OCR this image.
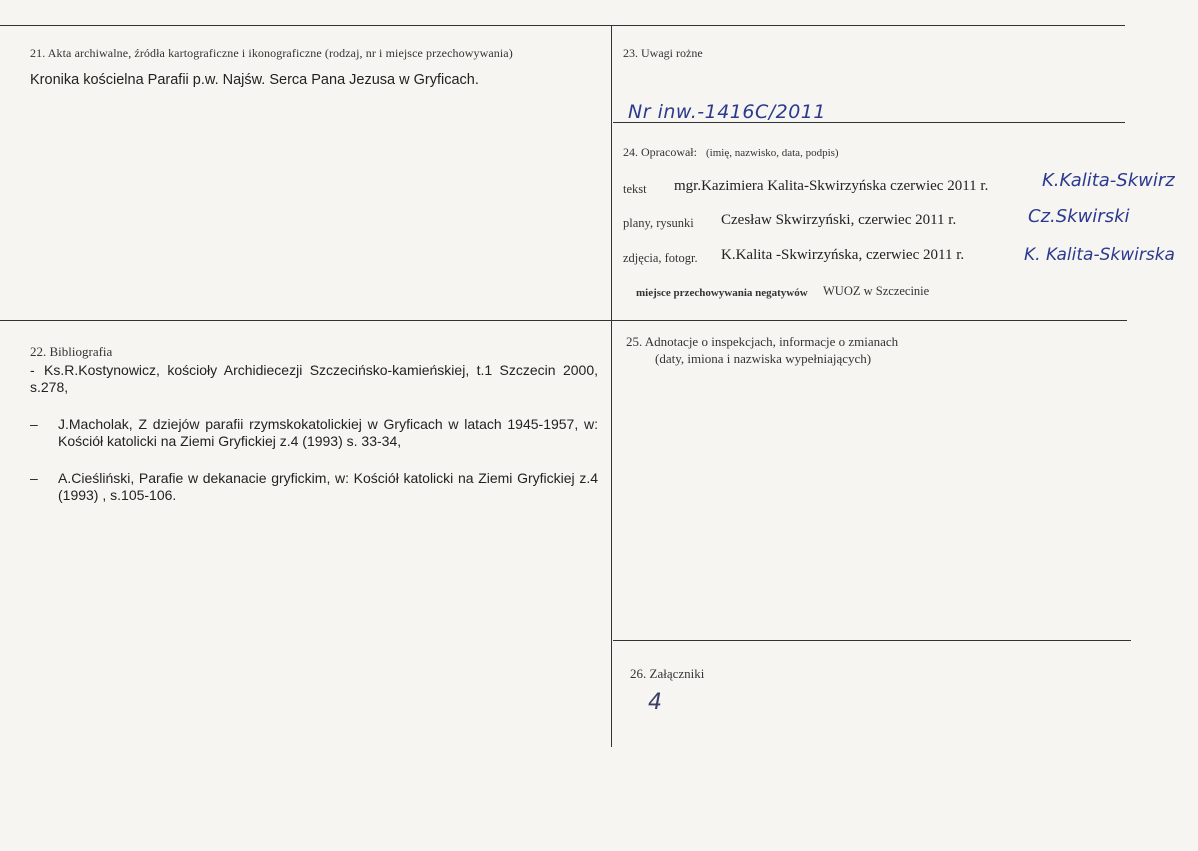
21. Akta archiwalne, źródła kartograficzne i ikonograficzne (rodzaj, nr i miejsce przechowywania)
Kronika kościelna Parafii p.w. Najśw. Serca Pana Jezusa w Gryficach.
23. Uwagi rożne
Nr inw.-1416C/2011
24. Opracował: (imię, nazwisko, data, podpis)
tekst mgr.Kazimiera Kalita-Skwirzyńska czerwiec 2011 r.	K.Kalita-Skwirz
plany, rysunki Czesław Skwirzyński, czerwiec 2011 r.	Cz.Skwirski
zdjęcia, fotogr. K.Kalita -Skwirzyńska, czerwiec 2011 r.	K. Kalita-Skwirska
miejsce przechowywania negatywów WUOZ w Szczecinie
22. Bibliografia
- Ks.R.Kostynowicz, kościoły Archidiecezji Szczecińsko-kamieńskiej, t.1 Szczecin 2000, s.278,
– J.Macholak, Z dziejów parafii rzymskokatolickiej w Gryficach w latach 1945-1957, w: Kościół katolicki na Ziemi Gryfickiej z.4 (1993) s. 33-34,
– A.Cieśliński, Parafie w dekanacie gryfickim, w: Kościół katolicki na Ziemi Gryfickiej z.4 (1993) , s.105-106.
25. Adnotacje o inspekcjach, informacje o zmianach
(daty, imiona i nazwiska wypełniających)
26. Załączniki
4
